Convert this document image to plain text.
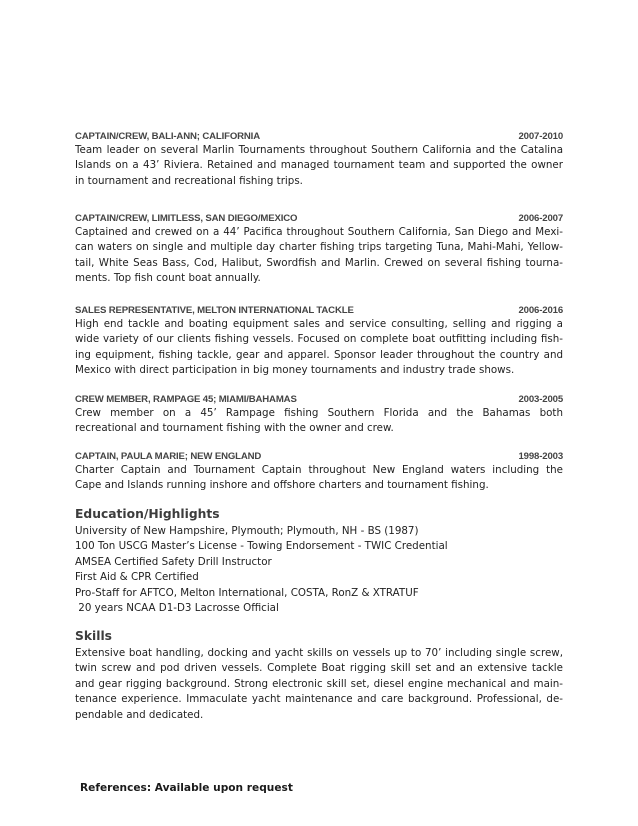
CAPTAIN/CREW, BALI-ANN; CALIFORNIA	2007-2010
Team leader on several Marlin Tournaments throughout Southern California and the Catalina
Islands on a 43’ Riviera. Retained and managed tournament team and supported the owner
in tournament and recreational fishing trips.
CAPTAIN/CREW, LIMITLESS, SAN DIEGO/MEXICO	2006-2007
Captained and crewed on a 44’ Pacifica throughout Southern California, San Diego and Mexi-
can waters on single and multiple day charter fishing trips targeting Tuna, Mahi-Mahi, Yellow-
tail, White Seas Bass, Cod, Halibut, Swordfish and Marlin. Crewed on several fishing tourna-
ments. Top fish count boat annually.
SALES REPRESENTATIVE, MELTON INTERNATIONAL TACKLE	2006-2016
High end tackle and boating equipment sales and service consulting, selling and rigging a
wide variety of our clients fishing vessels. Focused on complete boat outfitting including fish-
ing equipment, fishing tackle, gear and apparel. Sponsor leader throughout the country and
Mexico with direct participation in big money tournaments and industry trade shows.
CREW MEMBER, RAMPAGE 45; MIAMI/BAHAMAS	2003-2005
Crew member on a 45’ Rampage fishing Southern Florida and the Bahamas both
recreational and tournament fishing with the owner and crew.
CAPTAIN, PAULA MARIE; NEW ENGLAND	1998-2003
Charter Captain and Tournament Captain throughout New England waters including the
Cape and Islands running inshore and offshore charters and tournament fishing.
Education/Highlights
University of New Hampshire, Plymouth; Plymouth, NH - BS (1987)
100 Ton USCG Master’s License - Towing Endorsement - TWIC Credential
AMSEA Certified Safety Drill Instructor
First Aid & CPR Certified
Pro-Staff for AFTCO, Melton International, COSTA, RonZ & XTRATUF
20 years NCAA D1-D3 Lacrosse Official
Skills
Extensive boat handling, docking and yacht skills on vessels up to 70’ including single screw,
twin screw and pod driven vessels. Complete Boat rigging skill set and an extensive tackle
and gear rigging background. Strong electronic skill set, diesel engine mechanical and main-
tenance experience. Immaculate yacht maintenance and care background. Professional, de-
pendable and dedicated.
References: Available upon request
